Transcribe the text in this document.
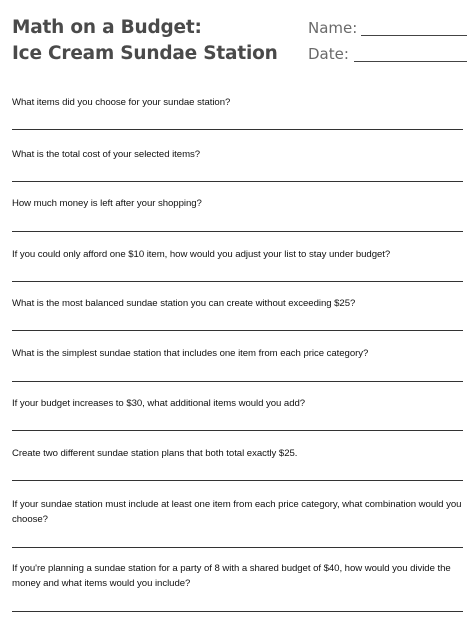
Math on a Budget:
Ice Cream Sundae Station
Name:
Date:
What items did you choose for your sundae station?
What is the total cost of your selected items?
How much money is left after your shopping?
If you could only afford one $10 item, how would you adjust your list to stay under budget?
What is the most balanced sundae station you can create without exceeding $25?
What is the simplest sundae station that includes one item from each price category?
If your budget increases to $30, what additional items would you add?
Create two different sundae station plans that both total exactly $25.
If your sundae station must include at least one item from each price category, what combination would you choose?
If you're planning a sundae station for a party of 8 with a shared budget of $40, how would you divide the money and what items would you include?
